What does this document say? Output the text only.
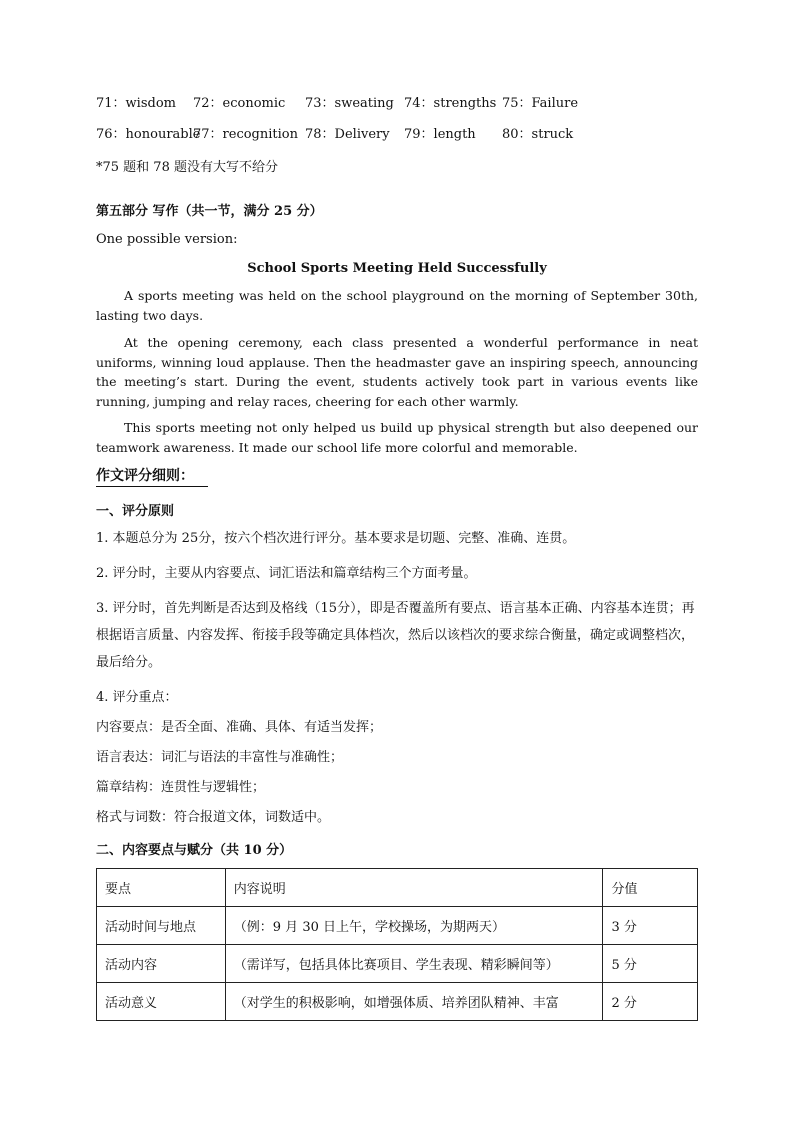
71：wisdom 72：economic 73：sweating 74：strengths 75：Failure
76：honourable
77：recognition 78：Delivery 79：length 80：struck
*75 题和 78 题没有大写不给分
第五部分 写作（共一节，满分 25 分）
One possible version:
School Sports Meeting Held Successfully
A sports meeting was held on the school playground on the morning of September 30th, lasting two days.
At the opening ceremony, each class presented a wonderful performance in neat uniforms, winning loud applause. Then the headmaster gave an inspiring speech, announcing the meeting’s start. During the event, students actively took part in various events like running, jumping and relay races, cheering for each other warmly.
This sports meeting not only helped us build up physical strength but also deepened our teamwork awareness. It made our school life more colorful and memorable.
作文评分细则：
一、评分原则
1. 本题总分为 25分，按六个档次进行评分。基本要求是切题、完整、准确、连贯。
2. 评分时，主要从内容要点、词汇语法和篇章结构三个方面考量。
3. 评分时，首先判断是否达到及格线（15分），即是否覆盖所有要点、语言基本正确、内容基本连贯；再根据语言质量、内容发挥、衔接手段等确定具体档次，然后以该档次的要求综合衡量，确定或调整档次，最后给分。
4. 评分重点：
内容要点：是否全面、准确、具体、有适当发挥；
语言表达：词汇与语法的丰富性与准确性；
篇章结构：连贯性与逻辑性；
格式与词数：符合报道文体，词数适中。
二、内容要点与赋分（共 10 分）
要点	内容说明	分值
活动时间与地点	（例：9 月 30 日上午，学校操场，为期两天）	3 分
活动内容	（需详写，包括具体比赛项目、学生表现、精彩瞬间等）	5 分
活动意义	（对学生的积极影响，如增强体质、培养团队精神、丰富	2 分
